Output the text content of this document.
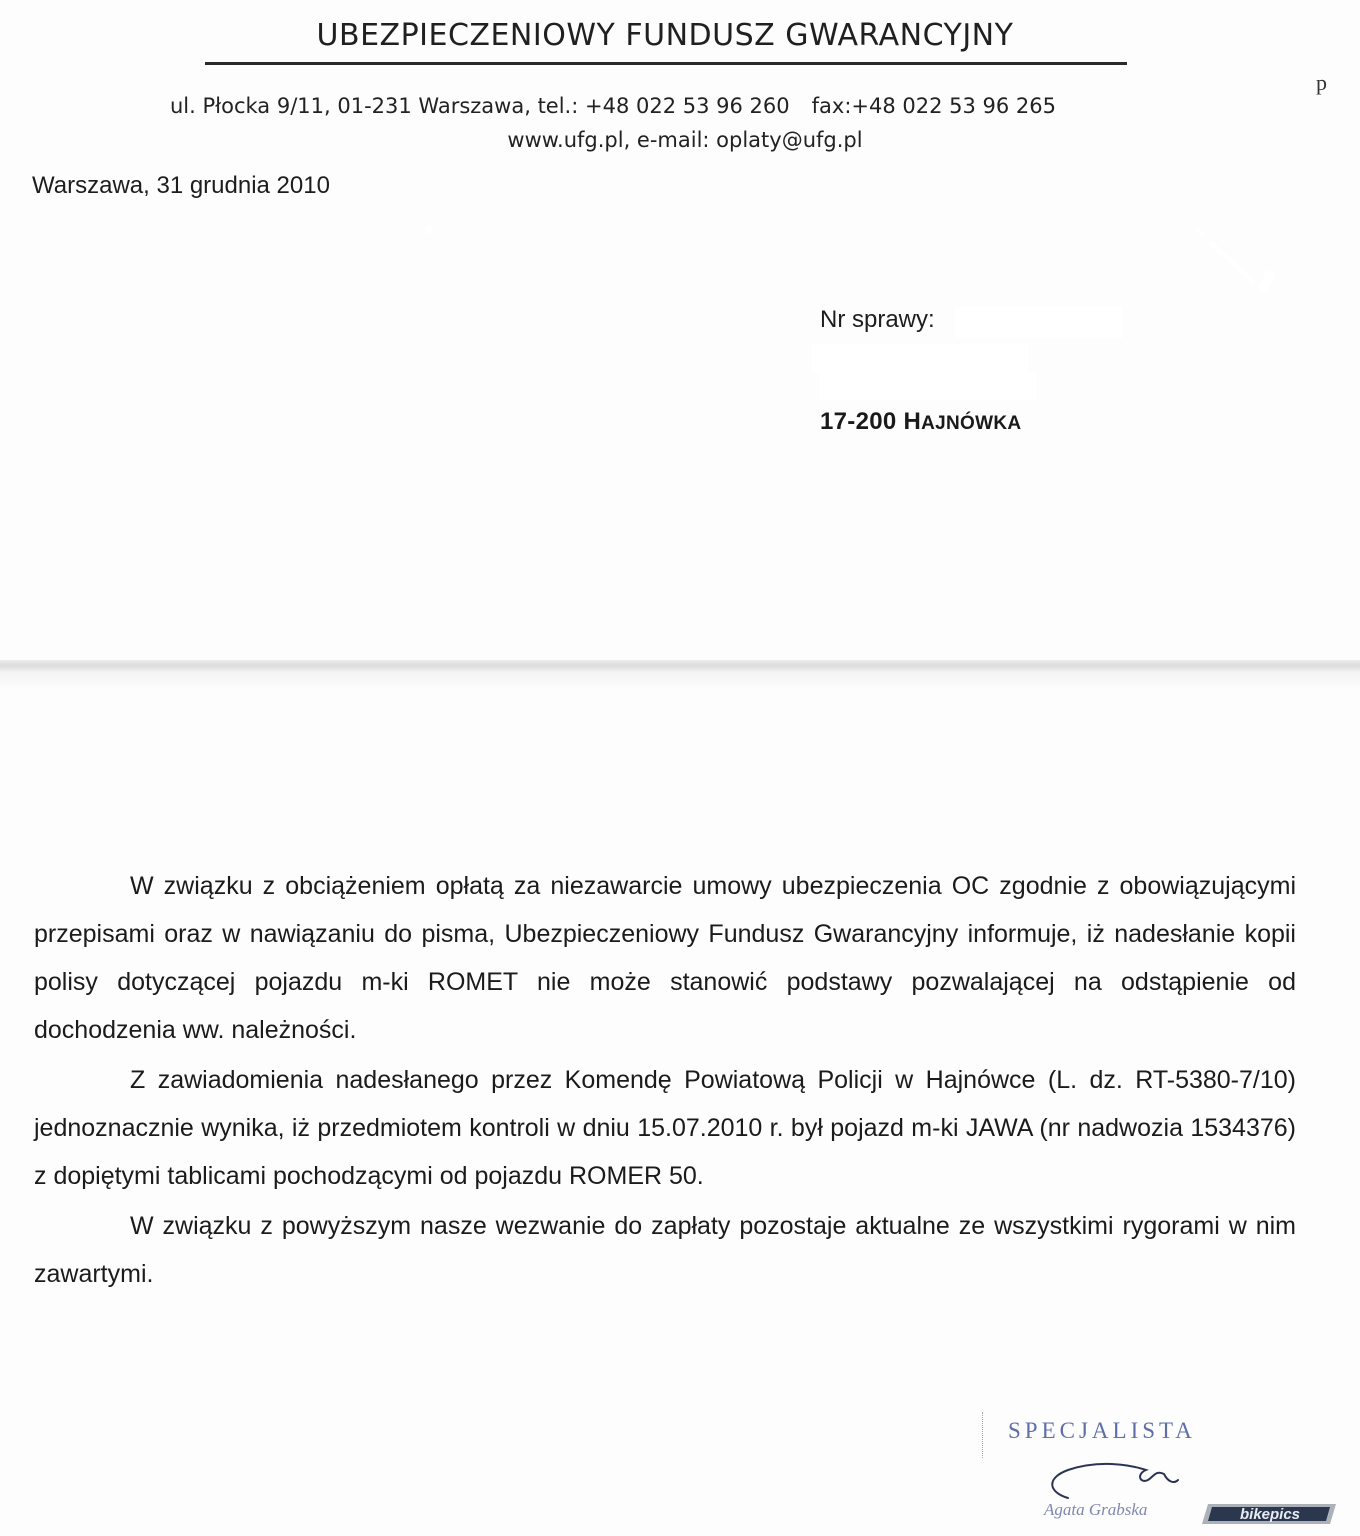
UBEZPIECZENIOWY FUNDUSZ GWARANCYJNY
p
ul. Płocka 9/11, 01-231 Warszawa, tel.: +48 022 53 96 260 fax:+48 022 53 96 265
www.ufg.pl, e-mail: oplaty@ufg.pl
Warszawa, 31 grudnia 2010
Nr sprawy:
17-200 HAJNÓWKA

W związku z obciążeniem opłatą za niezawarcie umowy ubezpieczenia OC zgodnie z obowiązującymi przepisami oraz w nawiązaniu do pisma, Ubezpieczeniowy Fundusz Gwarancyjny informuje, iż nadesłanie kopii polisy dotyczącej pojazdu m-ki ROMET nie może stanowić podstawy pozwalającej na odstąpienie od dochodzenia ww. należności.

Z zawiadomienia nadesłanego przez Komendę Powiatową Policji w Hajnówce (L. dz. RT-5380-7/10) jednoznacznie wynika, iż przedmiotem kontroli w dniu 15.07.2010 r. był pojazd m-ki JAWA (nr nadwozia 1534376) z dopiętymi tablicami pochodzącymi od pojazdu ROMER 50.

W związku z powyższym nasze wezwanie do zapłaty pozostaje aktualne ze wszystkimi rygorami w nim zawartymi.

SPECJALISTA
Agata Grabska	bikepics
